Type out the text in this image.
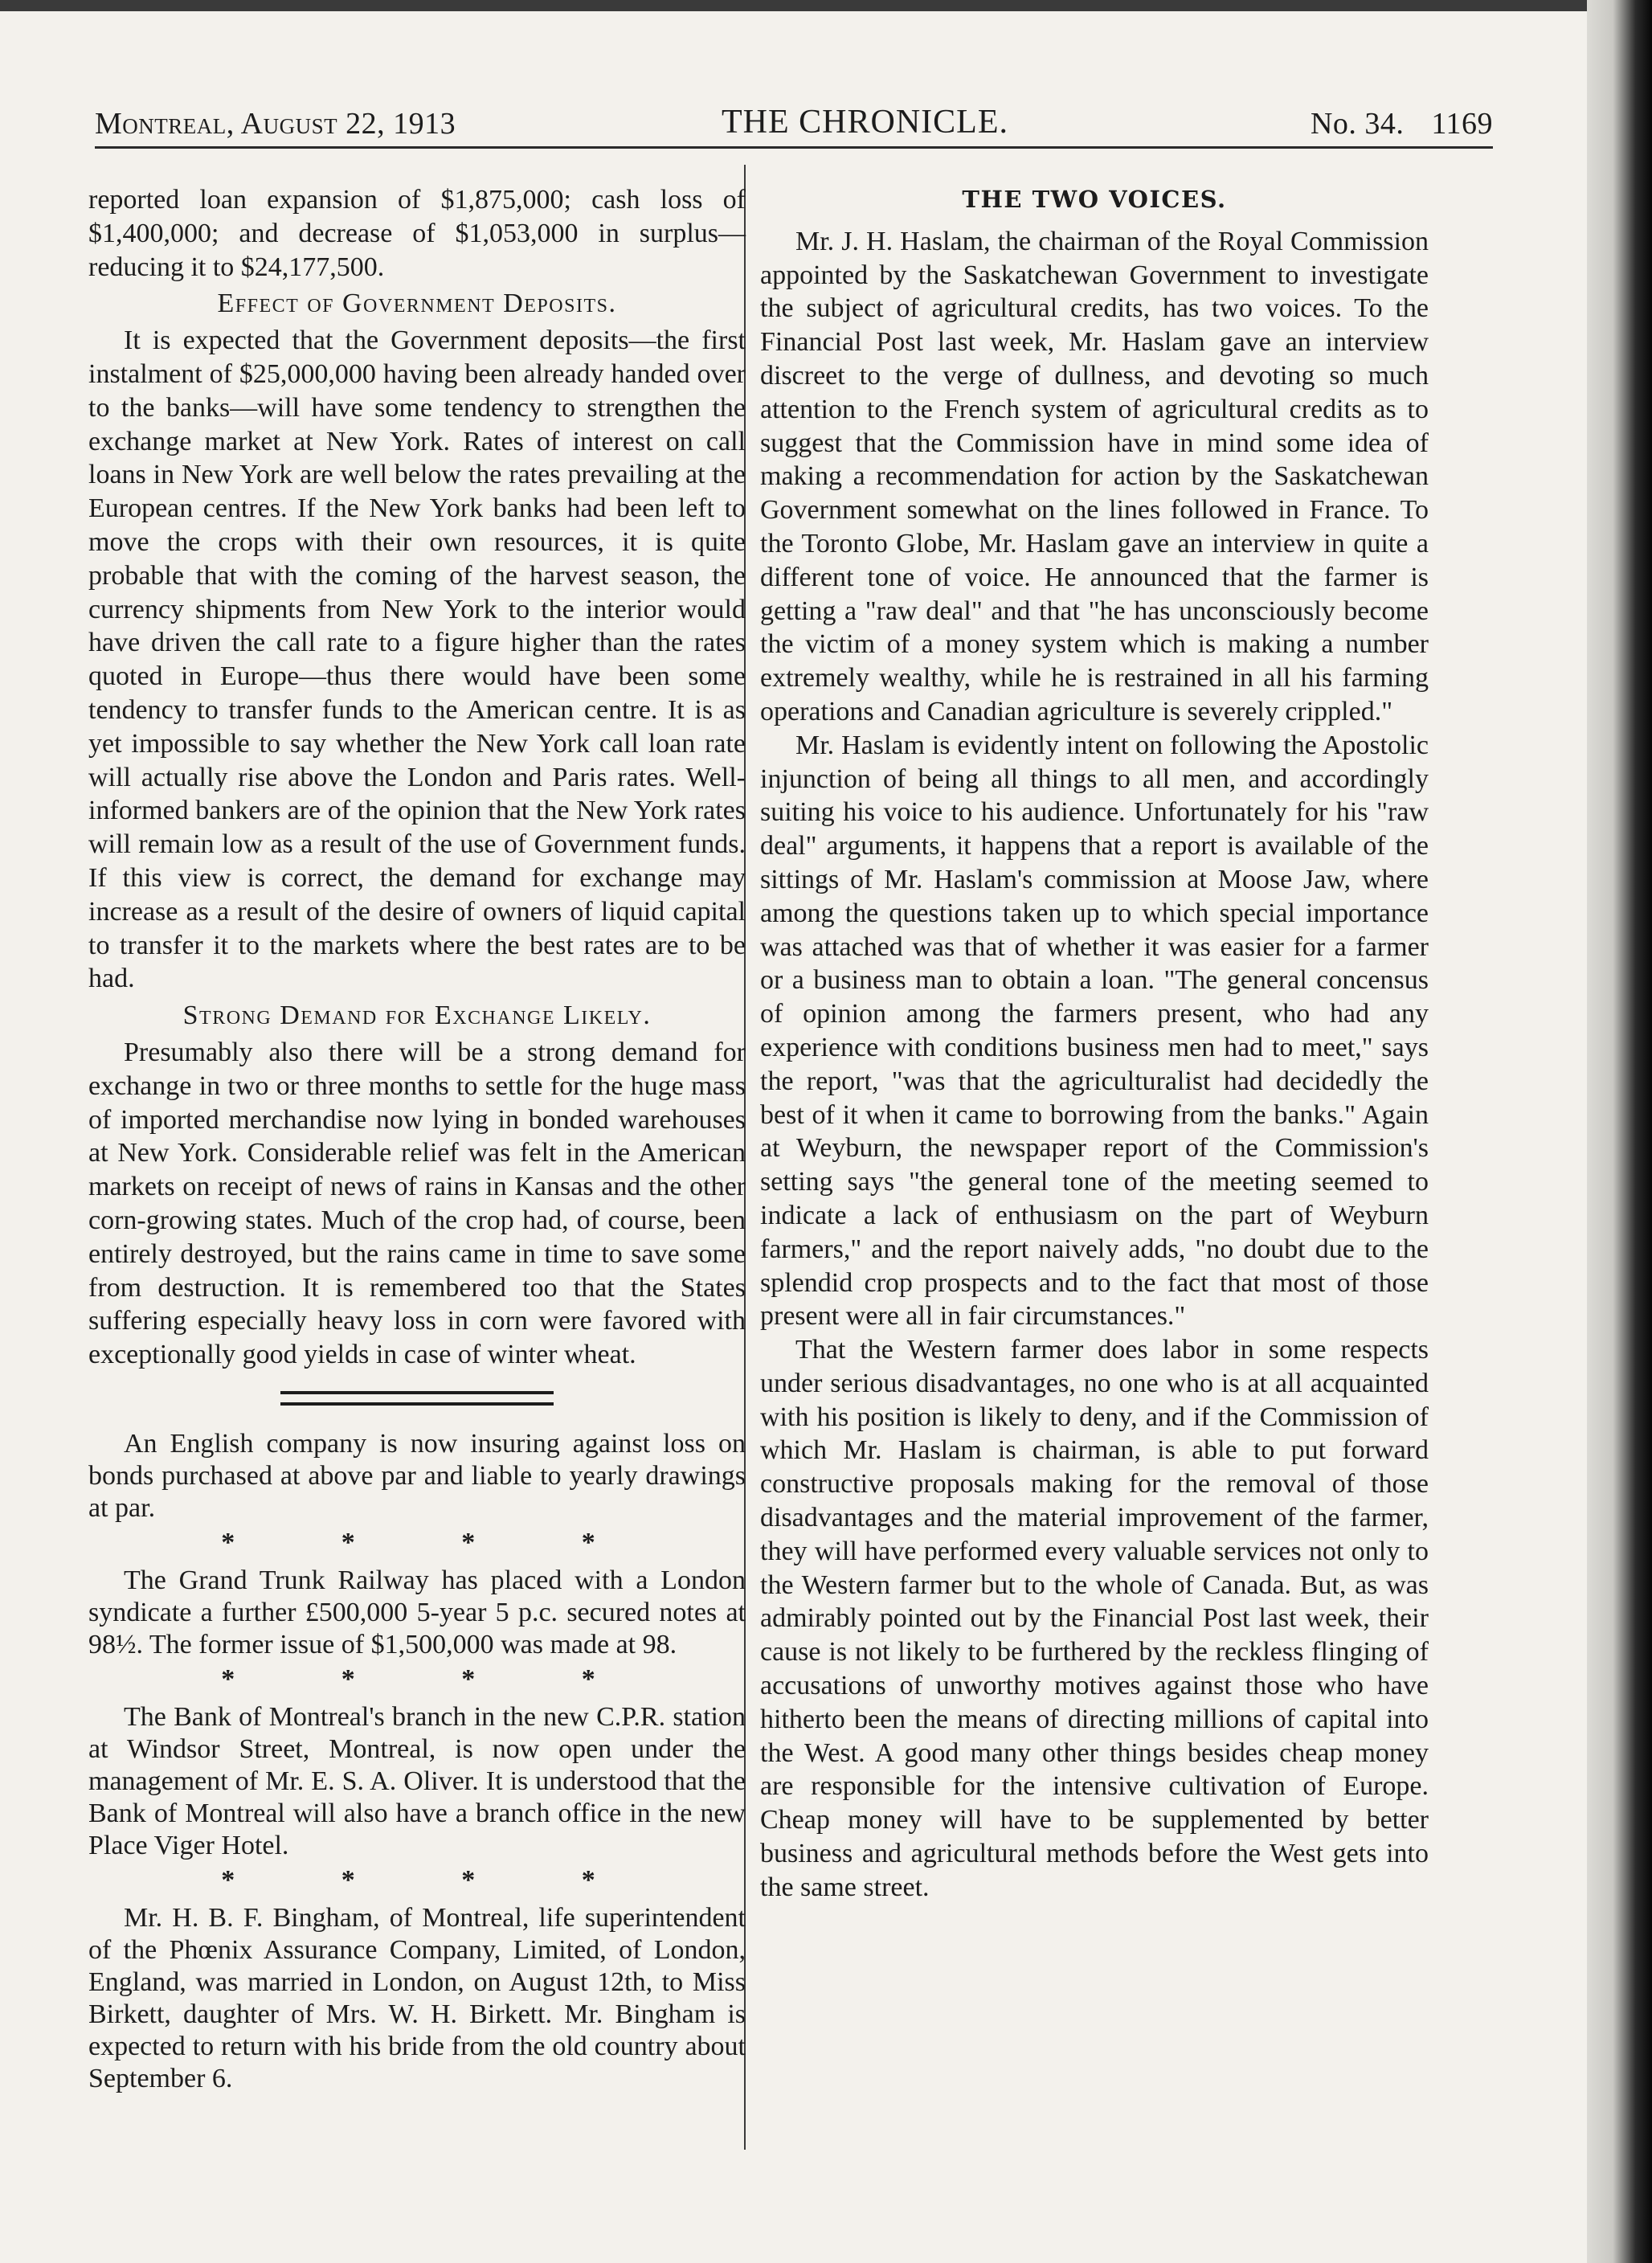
Montreal, August 22, 1913	THE CHRONICLE.	No. 34. 1169

reported loan expansion of $1,875,000; cash loss of $1,400,000; and decrease of $1,053,000 in surplus—reducing it to $24,177,500.

Effect of Government Deposits.

It is expected that the Government deposits—the first instalment of $25,000,000 having been already handed over to the banks—will have some tendency to strengthen the exchange market at New York. Rates of interest on call loans in New York are well below the rates prevailing at the European centres. If the New York banks had been left to move the crops with their own resources, it is quite probable that with the coming of the harvest season, the currency shipments from New York to the interior would have driven the call rate to a figure higher than the rates quoted in Europe—thus there would have been some tendency to transfer funds to the American centre. It is as yet impossible to say whether the New York call loan rate will actually rise above the London and Paris rates. Well-informed bankers are of the opinion that the New York rates will remain low as a result of the use of Government funds. If this view is correct, the demand for exchange may increase as a result of the desire of owners of liquid capital to transfer it to the markets where the best rates are to be had.

Strong Demand for Exchange Likely.

Presumably also there will be a strong demand for exchange in two or three months to settle for the huge mass of imported merchandise now lying in bonded warehouses at New York. Considerable relief was felt in the American markets on receipt of news of rains in Kansas and the other corn-growing states. Much of the crop had, of course, been entirely destroyed, but the rains came in time to save some from destruction. It is remembered too that the States suffering especially heavy loss in corn were favored with exceptionally good yields in case of winter wheat.

An English company is now insuring against loss on bonds purchased at above par and liable to yearly drawings at par.

* * * *

The Grand Trunk Railway has placed with a London syndicate a further £500,000 5-year 5 p.c. secured notes at 98½. The former issue of $1,500,000 was made at 98.

* * * *

The Bank of Montreal's branch in the new C.P.R. station at Windsor Street, Montreal, is now open under the management of Mr. E. S. A. Oliver. It is understood that the Bank of Montreal will also have a branch office in the new Place Viger Hotel.

* * * *

Mr. H. B. F. Bingham, of Montreal, life superintendent of the Phœnix Assurance Company, Limited, of London, England, was married in London, on August 12th, to Miss Birkett, daughter of Mrs. W. H. Birkett. Mr. Bingham is expected to return with his bride from the old country about September 6.

THE TWO VOICES.

Mr. J. H. Haslam, the chairman of the Royal Commission appointed by the Saskatchewan Government to investigate the subject of agricultural credits, has two voices. To the Financial Post last week, Mr. Haslam gave an interview discreet to the verge of dullness, and devoting so much attention to the French system of agricultural credits as to suggest that the Commission have in mind some idea of making a recommendation for action by the Saskatchewan Government somewhat on the lines followed in France. To the Toronto Globe, Mr. Haslam gave an interview in quite a different tone of voice. He announced that the farmer is getting a "raw deal" and that "he has unconsciously become the victim of a money system which is making a number extremely wealthy, while he is restrained in all his farming operations and Canadian agriculture is severely crippled."

Mr. Haslam is evidently intent on following the Apostolic injunction of being all things to all men, and accordingly suiting his voice to his audience. Unfortunately for his "raw deal" arguments, it happens that a report is available of the sittings of Mr. Haslam's commission at Moose Jaw, where among the questions taken up to which special importance was attached was that of whether it was easier for a farmer or a business man to obtain a loan. "The general concensus of opinion among the farmers present, who had any experience with conditions business men had to meet," says the report, "was that the agriculturalist had decidedly the best of it when it came to borrowing from the banks." Again at Weyburn, the newspaper report of the Commission's setting says "the general tone of the meeting seemed to indicate a lack of enthusiasm on the part of Weyburn farmers," and the report naively adds, "no doubt due to the splendid crop prospects and to the fact that most of those present were all in fair circumstances."

That the Western farmer does labor in some respects under serious disadvantages, no one who is at all acquainted with his position is likely to deny, and if the Commission of which Mr. Haslam is chairman, is able to put forward constructive proposals making for the removal of those disadvantages and the material improvement of the farmer, they will have performed every valuable services not only to the Western farmer but to the whole of Canada. But, as was admirably pointed out by the Financial Post last week, their cause is not likely to be furthered by the reckless flinging of accusations of unworthy motives against those who have hitherto been the means of directing millions of capital into the West. A good many other things besides cheap money are responsible for the intensive cultivation of Europe. Cheap money will have to be supplemented by better business and agricultural methods before the West gets into the same street.
